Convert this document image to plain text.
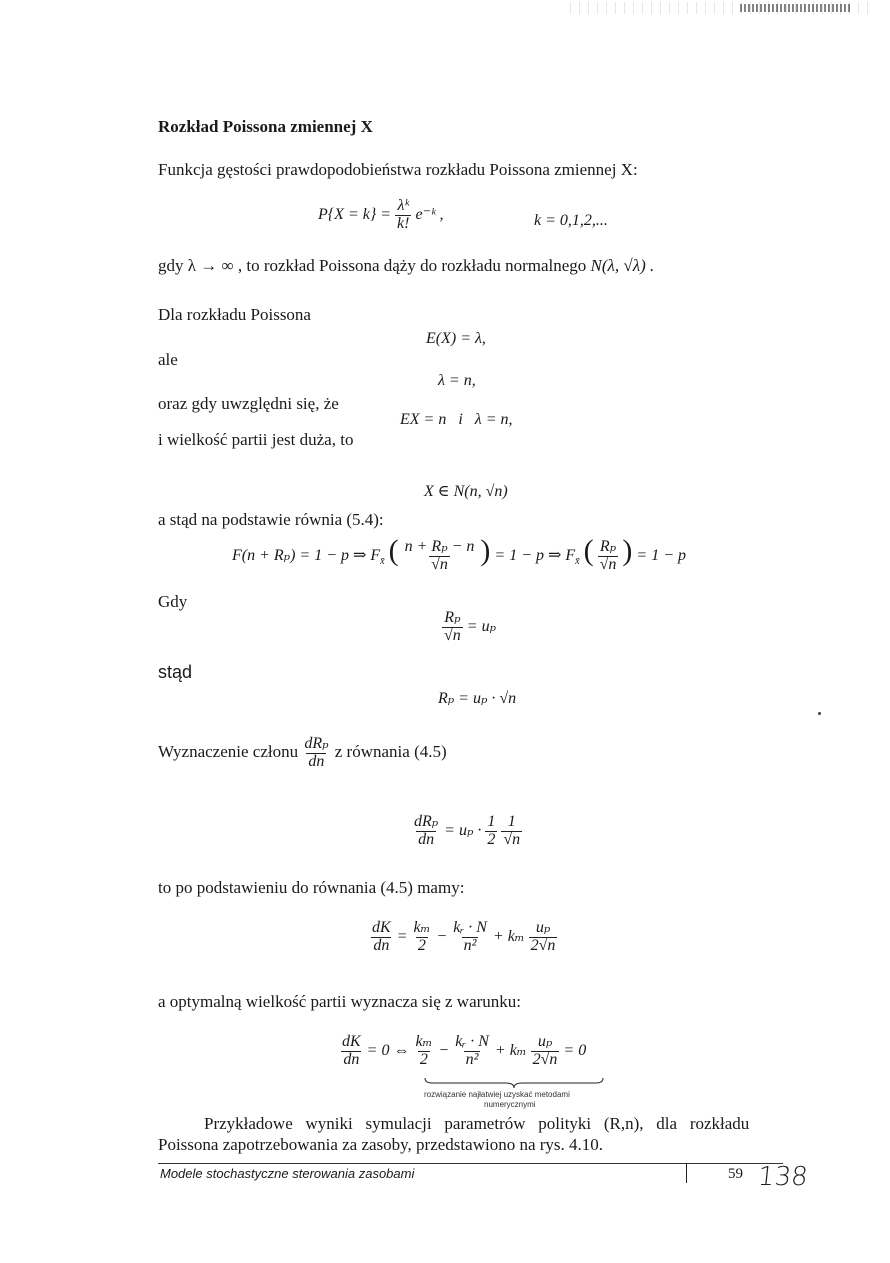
Rozkład Poissona zmiennej X
Funkcja gęstości prawdopodobieństwa rozkładu Poissona zmiennej X:
$P\{X = k\} = \frac{\text{λᵏ}}{k!}$ e⁻ᵏ ,	k = 0,1,2,...
gdy λ → ∞ , to rozkład Poissona dąży do rozkładu normalnego N(λ, √λ) .
Dla rozkładu Poissona
E(X) = λ,
ale
λ = n,
oraz gdy uwzględni się, że
EX = n   i   λ = n,
i wielkość partii jest duża, to
X ∈ N(n, √n)
a stąd na podstawie równia (5.4):
F(n + Rₚ) = 1 − p ⇒ $F_{x̄}$ ( $\frac{\text{n + Rₚ − n}}{√n}$ ) = 1 − p ⇒ $F_{x̄}$ ( $\frac{\text{Rₚ}}{√n}$ ) = 1 − p
Gdy
$\frac{\text{Rₚ}}{√n} = u_p$
stąd
Rₚ = uₚ · √n
Wyznaczenie członu $\frac{\text{dRₚ}}{dn}$ z równania (4.5)
$\frac{\text{dRₚ}}{dn} = u_p \cdot \frac{1}{2}$
$\frac{1}{√n}$
to po podstawieniu do równania (4.5) mamy:
$\frac{dK}{dn} = \frac{\text{kₘ}}{2} - \frac{\text{kᵣ · N}}{\text{n²}} + k_m \frac{\text{uₚ}}{2√n}$
a optymalną wielkość partii wyznacza się z warunku:
$\frac{dK}{dn} = 0$ ⇔ $\frac{\text{kₘ}}{2} - \frac{\text{kᵣ · N}}{\text{n²}} + k_m \frac{\text{uₚ}}{2√n} = 0$
rozwiązanie najłatwiej uzyskać metodami
numerycznymi
Przykładowe   wyniki   symulacji   parametrów   polityki   (R,n),   dla   rozkładu
Poissona zapotrzebowania za zasoby, przedstawiono na rys. 4.10.
Modele stochastyczne sterowania zasobami	59 138
